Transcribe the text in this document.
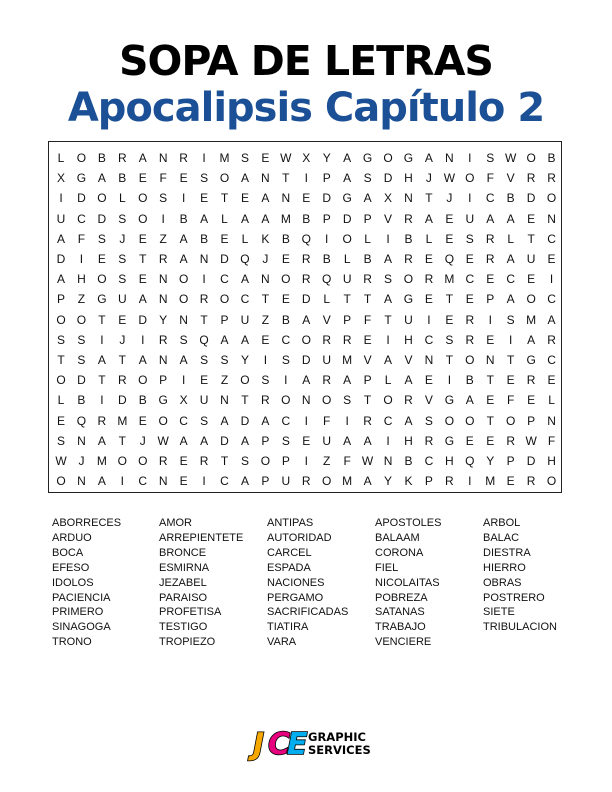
SOPA DE LETRAS
Apocalipsis Capítulo 2
L	O B	R	A	N R	I	M S	E W X	Y	A G O G A	N	I	S W O B
X G A	B	E	F	E	S O A	N	T	I	P	A	S	D H	J W O	F	V	R R
I	D O	L	O S	I	E	T	E	A	N	E	D G A	X	N	T	J	I	C	B	D O
U C D	S O	I	B	A	L	A	A M B	P	D	P	V	R	A	E	U	A	A	E	N
A	F	S	J	E	Z	A	B	E	L	K	B Q	I	O	L	I	B	L	E	S	R	L	T	C
D	I	E	S	T	R	A	N D Q	J	E	R	B	L	B	A	R	E Q E	R	A	U	E
A	H O S	E	N O	I	C	A	N O R Q U R	S O R M C	E	C	E	I
P	Z	G U	A	N O R O C	T	E	D	L	T	T	A G E	T	E	P	A O C
O O	T	E	D	Y	N	T	P	U	Z	B	A	V	P	F	T	U	I	E	R	I	S M A
S	S	I	J	I	R	S Q A	A	E	C O R R	E	I	H C	S	R	E	I	A	R
T	S	A	T	A	N	A	S	S	Y	I	S	D U M V	A	V	N	T	O N	T	G C
O D	T	R O P	I	E	Z	O S	I	A	R	A	P	L	A	E	I	B	T	E	R	E
L	B	I	D	B G X	U N	T	R O N O S	T	O R	V G A	E	F	E	L
E Q R M E O C	S	A	D	A	C	I	F	I	R C	A	S O O	T	O P	N
S	N	A	T	J W A	A	D	A	P	S	E	U	A	A	I	H R G E	E	R W F
W J	M O O R	E	R	T	S O P	I	Z	F W N	B	C H Q Y	P	D H
O N	A	I	C N	E	I	C	A	P	U R O M A	Y	K	P	R	I	M E	R O
ABORRECES	AMOR	ANTIPAS	APOSTOLES	ARBOL
ARDUO	ARREPIENTETE	AUTORIDAD	BALAAM	BALAC
BOCA	BRONCE	CARCEL	CORONA	DIESTRA
EFESO	ESMIRNA	ESPADA	FIEL	HIERRO
IDOLOS	JEZABEL	NACIONES	NICOLAITAS	OBRAS
PACIENCIA	PARAISO	PERGAMO	POBREZA	POSTRERO
PRIMERO	PROFETISA	SACRIFICADAS	SATANAS	SIETE
SINAGOGA	TESTIGO	TIATIRA	TRABAJO	TRIBULACION
TRONO	TROPIEZO	VARA	VENCIERE
J C
E GRAPHIC
SERVICES
